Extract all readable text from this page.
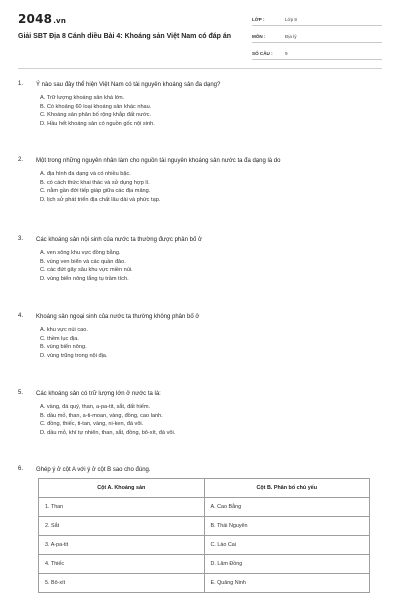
2048.vn

Giải SBT Địa 8 Cánh diều Bài 4: Khoáng sản Việt Nam có đáp án
LỚP :	Lớp 8
MÔN :	Địa lý
SỐ CÂU :	9
1. Ý nào sau đây thể hiện Việt Nam có tài nguyên khoáng sản đa dạng?
A. Trữ lượng khoáng sản khá lớn.
B. Có khoảng 60 loại khoáng sản khác nhau.
C. Khoáng sản phân bố rộng khắp đất nước.
D. Hầu hết khoáng sản có nguồn gốc nội sinh.
2. Một trong những nguyên nhân làm cho nguồn tài nguyên khoáng sản nước ta đa dạng là do
A. địa hình đa dạng và có nhiều bậc.
B. có cách thức khai thác và sử dụng hợp lí.
C. nằm gần đới tiếp giáp giữa các địa mảng.
D. lịch sử phát triển địa chất lâu dài và phức tạp.
3. Các khoáng sản nội sinh của nước ta thường được phân bố ở
A. ven sông khu vực đồng bằng.
B. vùng ven biển và các quần đảo.
C. các đứt gãy sâu khu vực miền núi.
D. vùng biển nông lắng tụ trầm tích.
4. Khoáng sản ngoại sinh của nước ta thường không phân bố ở
A. khu vực núi cao.
C. thềm lục địa.
B. vùng biển nông.
D. vùng trũng trong nội địa.
5. Các khoáng sản có trữ lượng lớn ở nước ta là:
A. vàng, đá quý, than, a-pa-tit, sắt, đất hiếm.
B. dầu mỏ, than, a-ti-moan, vàng, đồng, cao lanh.
C. đồng, thiếc, ti-tan, vàng, ni-ken, đá vôi.
D. dầu mỏ, khí tự nhiên, than, sắt, đồng, bô-xít, đá vôi.
6. Ghép ý ở cột A với ý ở cột B sao cho đúng.
Cột A. Khoáng sản	Cột B. Phân bố chủ yếu
1. Than	A. Cao Bằng
2. Sắt	B. Thái Nguyên
3. A-pa-tit	C. Lào Cai
4. Thiếc	D. Lâm Đồng
5. Bô-xít	E. Quảng Ninh
